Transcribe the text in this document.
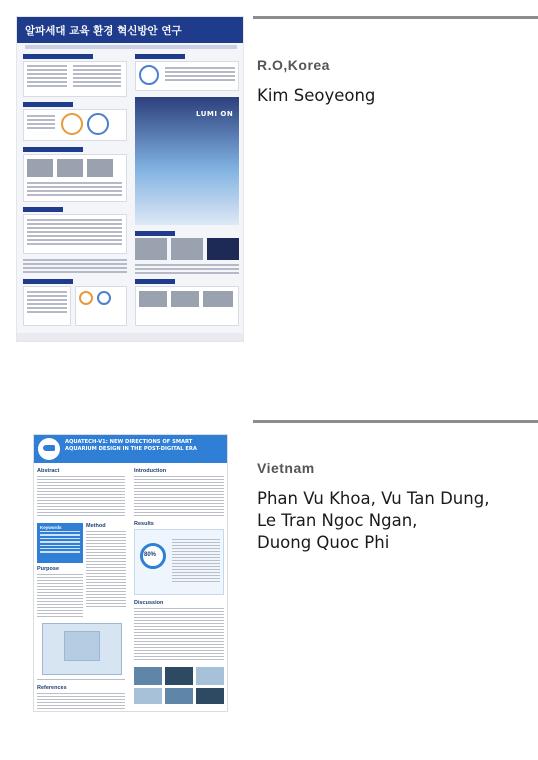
알파세대 교육 환경 혁신방안 연구
LUMI ON
R.O,Korea
Kim Seoyeong
AQUATECH-V1: NEW DIRECTIONS OF SMART AQUARIUM DESIGN IN THE POST-DIGITAL ERA
Abstract
Keywords
Purpose
Method
References
Introduction
Results
80%
Discussion
Vietnam
Phan Vu Khoa, Vu Tan Dung,
Le Tran Ngoc Ngan,
Duong Quoc Phi
